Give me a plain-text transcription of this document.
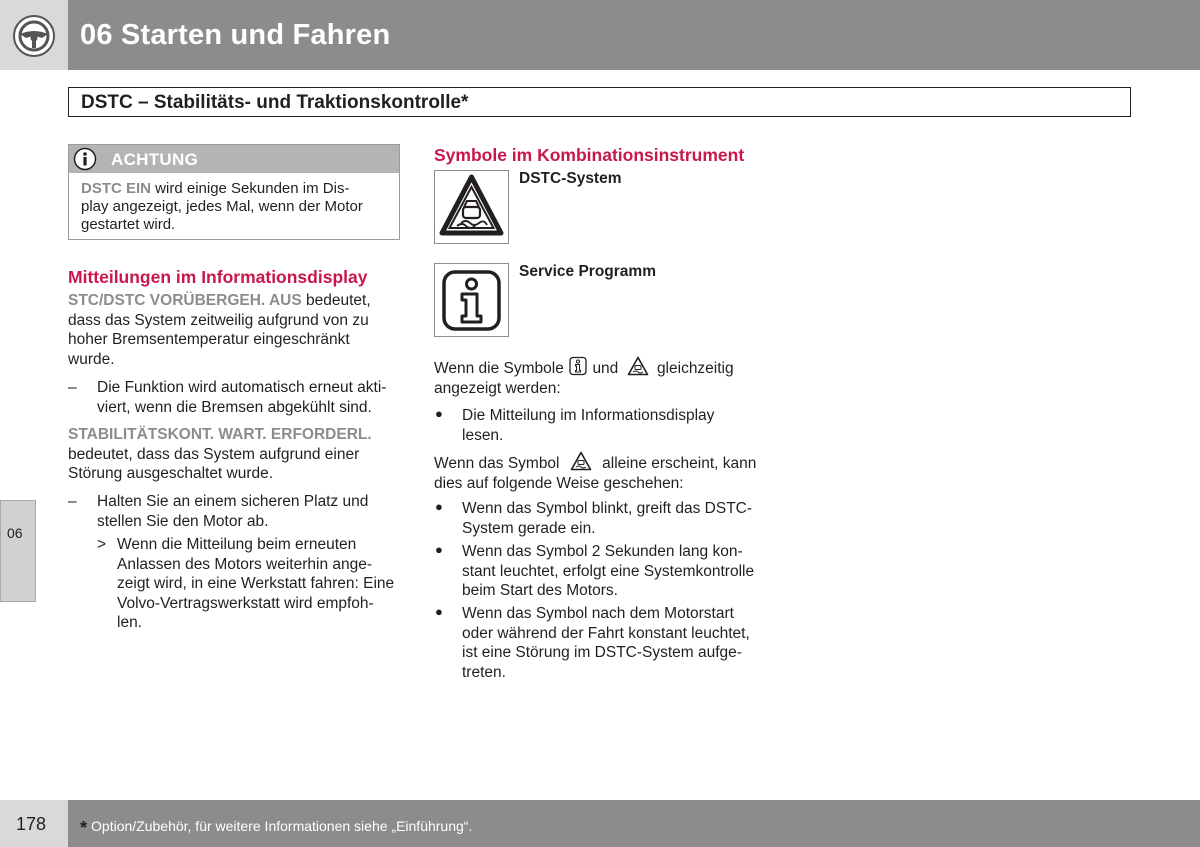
06 Starten und Fahren
DSTC – Stabilitäts- und Traktionskontrolle*
ACHTUNG
DSTC EIN wird einige Sekunden im Dis-
play angezeigt, jedes Mal, wenn der Motor
gestartet wird.
Mitteilungen im Informationsdisplay
STC/DSTC VORÜBERGEH. AUS bedeutet,
dass das System zeitweilig aufgrund von zu
hoher Bremsentemperatur eingeschränkt
wurde.
– Die Funktion wird automatisch erneut akti-
viert, wenn die Bremsen abgekühlt sind.
STABILITÄTSKONT. WART. ERFORDERL.
bedeutet, dass das System aufgrund einer
Störung ausgeschaltet wurde.
– Halten Sie an einem sicheren Platz und
stellen Sie den Motor ab.
> Wenn die Mitteilung beim erneuten
Anlassen des Motors weiterhin ange-
zeigt wird, in eine Werkstatt fahren: Eine
Volvo-Vertragswerkstatt wird empfoh-
len.
Symbole im Kombinationsinstrument
DSTC-System
Service Programm
Wenn die Symbole und gleichzeitig
angezeigt werden:
● Die Mitteilung im Informationsdisplay
lesen.
Wenn das Symbol	alleine erscheint, kann
dies auf folgende Weise geschehen:
● Wenn das Symbol blinkt, greift das DSTC-
System gerade ein.
● Wenn das Symbol 2 Sekunden lang kon-
stant leuchtet, erfolgt eine Systemkontrolle
beim Start des Motors.
● Wenn das Symbol nach dem Motorstart
oder während der Fahrt konstant leuchtet,
ist eine Störung im DSTC-System aufge-
treten.
06
178 * Option/Zubehör, für weitere Informationen siehe „Einführung“.
